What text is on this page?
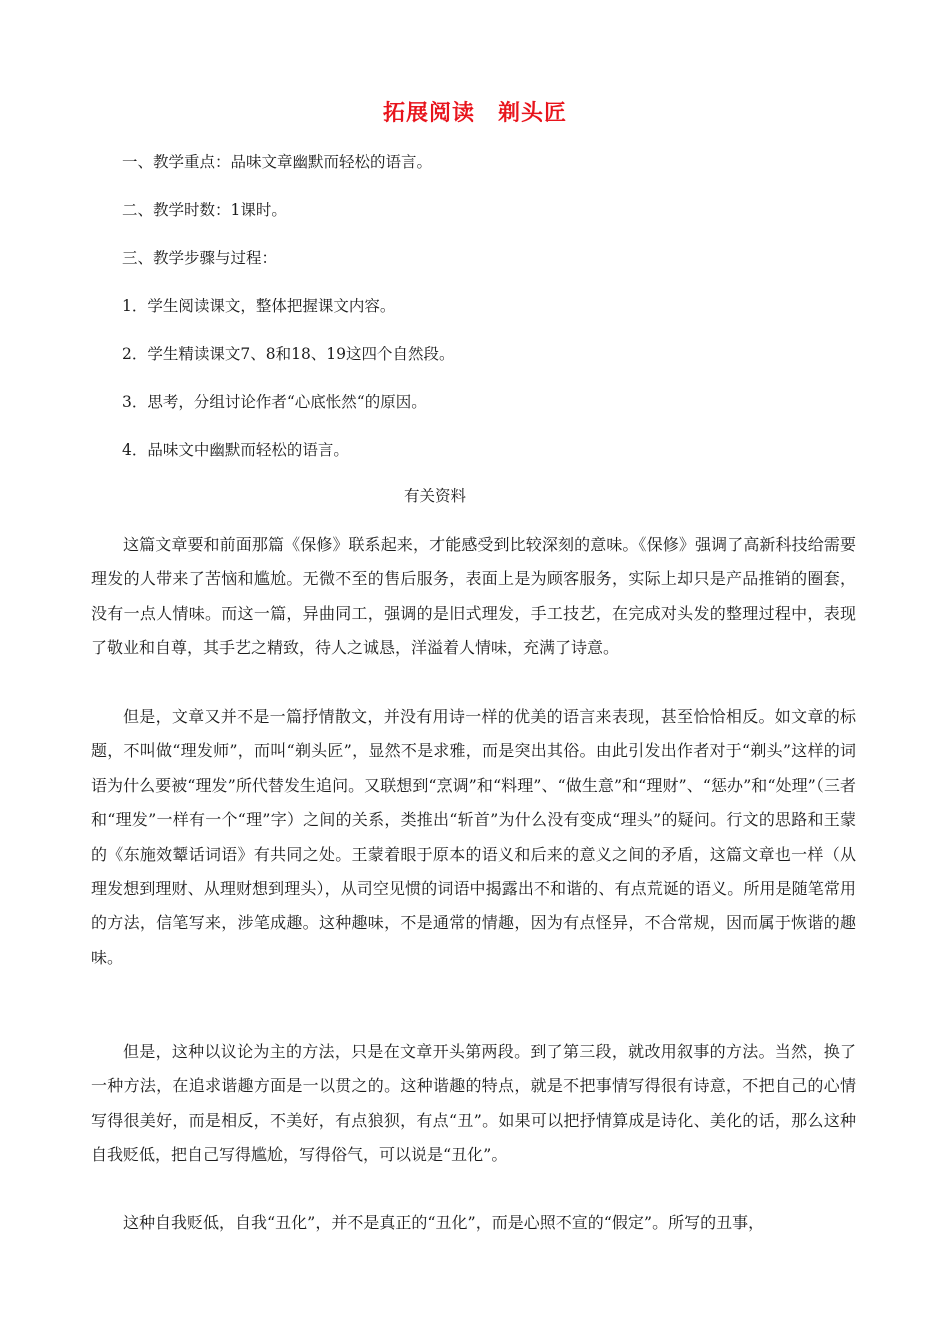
拓展阅读　剃头匠
一、教学重点：品味文章幽默而轻松的语言。
二、教学时数：1课时。
三、教学步骤与过程：
1．学生阅读课文，整体把握课文内容。
2．学生精读课文7、8和18、19这四个自然段。
3．思考，分组讨论作者“心底怅然“的原因。
4．品味文中幽默而轻松的语言。
有关资料

这篇文章要和前面那篇《保修》联系起来，才能感受到比较深刻的意味。《保修》强调了高新科技给需要理发的人带来了苦恼和尴尬。无微不至的售后服务，表面上是为顾客服务，实际上却只是产品推销的圈套，没有一点人情味。而这一篇，异曲同工，强调的是旧式理发，手工技艺，在完成对头发的整理过程中，表现了敬业和自尊，其手艺之精致，待人之诚恳，洋溢着人情味，充满了诗意。

但是，文章又并不是一篇抒情散文，并没有用诗一样的优美的语言来表现，甚至恰恰相反。如文章的标题，不叫做“理发师”，而叫“剃头匠”，显然不是求雅，而是突出其俗。由此引发出作者对于“剃头”这样的词语为什么要被“理发”所代替发生追问。又联想到“烹调”和“料理”、“做生意”和“理财”、“惩办”和“处理”（三者和“理发”一样有一个“理”字）之间的关系，类推出“斩首”为什么没有变成“理头”的疑问。行文的思路和王蒙的《东施效颦话词语》有共同之处。王蒙着眼于原本的语义和后来的意义之间的矛盾，这篇文章也一样（从理发想到理财、从理财想到理头），从司空见惯的词语中揭露出不和谐的、有点荒诞的语义。所用是随笔常用的方法，信笔写来，涉笔成趣。这种趣味，不是通常的情趣，因为有点怪异，不合常规，因而属于恢谐的趣味。

但是，这种以议论为主的方法，只是在文章开头第两段。到了第三段，就改用叙事的方法。当然，换了一种方法，在追求谐趣方面是一以贯之的。这种谐趣的特点，就是不把事情写得很有诗意，不把自己的心情写得很美好，而是相反，不美好，有点狼狈，有点“丑”。如果可以把抒情算成是诗化、美化的话，那么这种自我贬低，把自己写得尴尬，写得俗气，可以说是“丑化”。

这种自我贬低，自我“丑化”，并不是真正的“丑化”，而是心照不宣的“假定”。所写的丑事，
